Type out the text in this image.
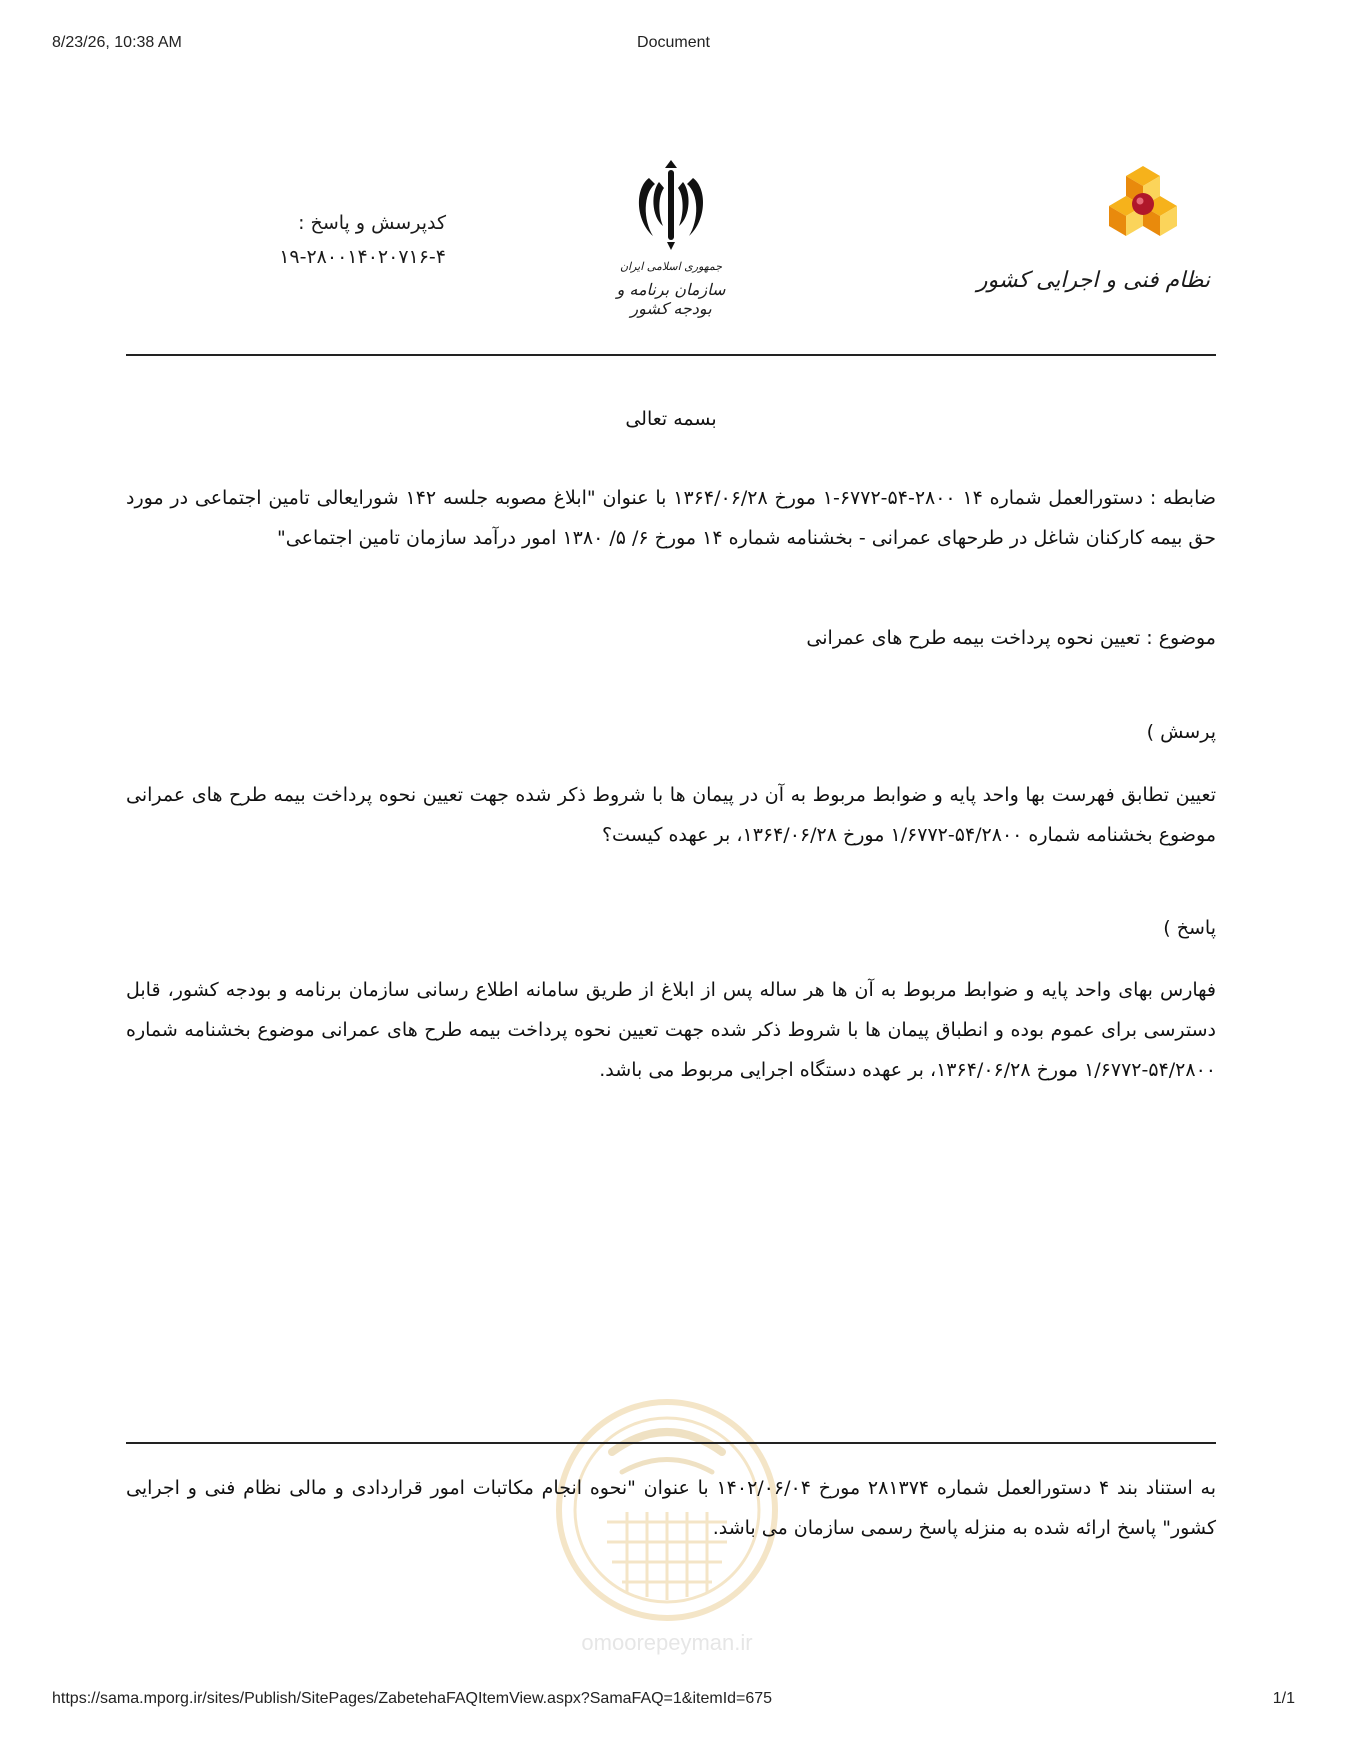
8/23/26, 10:38 AM	Document
نظام فنی و اجرایی کشور
جمهوری اسلامی ایران
سازمان برنامه و بودجه کشور
کدپرسش و پاسخ :
۱۹-۲۸۰۰۱۴۰۲۰۷۱۶-۴
بسمه تعالی
ضابطه : دستورالعمل شماره ۱۴ ۲۸۰۰-۵۴-۶۷۷۲-۱ مورخ ۱۳۶۴/۰۶/۲۸ با عنوان "ابلاغ مصوبه جلسه ۱۴۲ شورایعالی تامین اجتماعی در مورد حق بیمه کارکنان شاغل در طرحهای عمرانی - بخشنامه شماره ۱۴ مورخ ۶/ ۵/ ۱۳۸۰ امور درآمد سازمان تامین اجتماعی"
موضوع : تعیین نحوه پرداخت بیمه طرح های عمرانی
پرسش )
تعیین تطابق فهرست بها واحد پایه و ضوابط مربوط به آن در پیمان ها با شروط ذکر شده جهت تعیین نحوه پرداخت بیمه طرح های عمرانی موضوع بخشنامه شماره ۵۴/۲۸۰۰-۱/۶۷۷۲ مورخ ۱۳۶۴/۰۶/۲۸، بر عهده کیست؟
پاسخ )
فهارس بهای واحد پایه و ضوابط مربوط به آن ها هر ساله پس از ابلاغ از طریق سامانه اطلاع رسانی سازمان برنامه و بودجه کشور، قابل دسترسی برای عموم بوده و انطباق پیمان ها با شروط ذکر شده جهت تعیین نحوه پرداخت بیمه طرح های عمرانی موضوع بخشنامه شماره ۵۴/۲۸۰۰-۱/۶۷۷۲ مورخ ۱۳۶۴/۰۶/۲۸، بر عهده دستگاه اجرایی مربوط می باشد.
omoorepeyman.ir
به استناد بند ۴ دستورالعمل شماره ۲۸۱۳۷۴ مورخ ۱۴۰۲/۰۶/۰۴ با عنوان "نحوه انجام مکاتبات امور قراردادی و مالی نظام فنی و اجرایی کشور" پاسخ ارائه شده به منزله پاسخ رسمی سازمان می باشد.
https://sama.mporg.ir/sites/Publish/SitePages/ZabetehaFAQItemView.aspx?SamaFAQ=1&itemId=675	1/1
